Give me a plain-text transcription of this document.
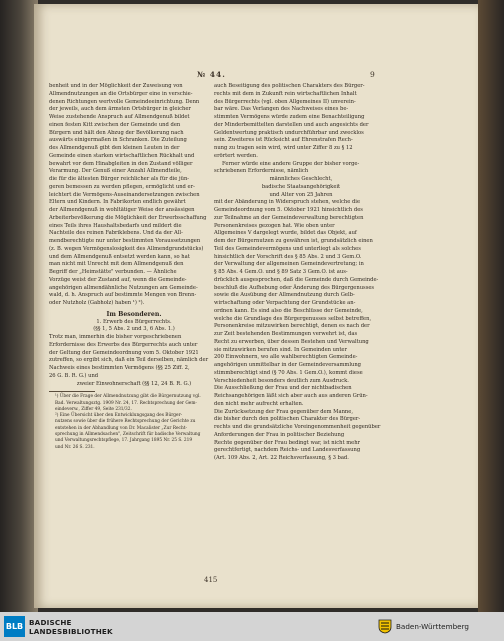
№ 44.	9

benheit und in der Möglichkeit der Zuweisung von

Allmendnutzungen an die Ortsbürger eine in verschie-

denen Richtungen wertvolle Gemeindeeinrichtung. Denn

der jeweils, auch dem ärmsten Ortsbürger in gleicher

Weise zustehende Anspruch auf Allmendgenuß bildet

einen festen Kitt zwischen der Gemeinde und den

Bürgern und hält den Abzug der Bevölkerung nach

auswärts einigermaßen in Schranken. Die Zuteilung

des Allmendgenuß gibt den kleinen Leuten in der

Gemeinde einen starken wirtschaftlichen Rückhalt und

bewahrt vor dem Hinabgleiten in den Zustand völliger

Verarmung. Der Genuß einer Anzahl Allmendteile,

die für die ältesten Bürger reichlicher als für die jün-

geren bemessen zu werden pflegen, ermöglicht und er-

leichtert die Vermögens-Auseinandersetzungen zwischen

Eltern und Kindern. In Fabrikorten endlich gewährt

der Allmendgenuß in wohltätiger Weise der ansässigen

Arbeiterbevölkerung die Möglichkeit der Erwerbsschaffung

eines Teils ihres Haushaltsbedarfs und mildert die

Nachteile des reinen Fabriklebens. Und da der All-

mendberechtigte nur unter bestimmten Voraussetzungen

(z. B. wegen Vermögenslosigkeit des Allmendgrundstücks)

und dem Allmendgenuß entsetzt werden kann, so hat

man nicht mit Unrecht mit dem Allmendgenuß den

Begriff der „Heimstätte" verbunden. — Ähnliche

Vorzüge weist der Zustand auf, wenn die Gemeinde-

angehörigen allmendähnliche Nutzungen am Gemeinde-

wald, d. h. Anspruch auf bestimmte Mengen von Brenn-

oder Nutzholz (Gabholz) haben ¹) ²).

Im Besonderen.

1. Erwerb des Bürgerrechts.

(§§ 1, 5 Abs. 2 und 3, 6 Abs. 1.)

Trotz man, immerhin die bisher vorgeschriebenen

Erfordernisse des Erwerbs des Bürgerrechts auch unter

der Geltung der Gemeindeordnung vom 5. Oktober 1921

zutreffen, so ergibt sich, daß ein Teil derselben, nämlich der

Nachweis eines bestimmten Vermögens (§§ 25 Ziff. 2,

26 G. B. R. G.) und

zweier Einwohnerschaft (§§ 12, 24 B. R. G.)

¹) Über die Frage der Allmendnutzung gibt die Bürgernutzung vgl.

Bad. Verwaltungsztg. 1909 Nr. 24, 17. Rechtsprechung der Gem-

eindeverw., Ziffer 49, Seite 231/32.

²) Eine Übersicht über den Entwicklungsgang des Bürger-

nutzens sowie über die frühere Rechtsprechung der Gerichte zu

entstehen in der Abhandlung von Dr. Macalister „Zur Recht-

sprechung in Allmendsachen", Zeitschrift für badische Verwaltung

und Verwaltungsrechtspflege, 17. Jahrgang 1895 Nr. 25 S. 219

und Nr. 26 S. 231.

auch Beseitigung des politischen Charakters des Bürger-

rechts mit dem in Zukunft rein wirtschaftlichen Inhalt

des Bürgerrechts (vgl. oben Allgemeines II) unverein-

bar wäre. Das Verlangen des Nachweises eines be-

stimmten Vermögens würde zudem eine Benachteiligung

der Minderbemittelten darstellen und auch angesichts der

Geldentwertung praktisch undurchführbar und zwecklos

sein. Zweiteres ist Rücksicht auf Ehrenstrafen Rech-

nung zu tragen sein wird, wird unter Ziffer 8 zu § 12

erörtert werden.

Ferner würde eine andere Gruppe der bisher vorge-

schriebenen Erfordernisse, nämlich

männliches Geschlecht,

badische Staatsangehörigkeit

und Alter von 25 Jahren

mit der Abänderung in Widerspruch stehen, welche die

Gemeindeordnung vom 5. Oktober 1921 hinsichtlich des

zur Teilnahme an der Gemeindeverwaltung berechtigten

Personenkreises gezogen hat. Wie oben unter

Allgemeines V dargelegt wurde, bildet das Objekt, auf

dem der Bürgernutzen zu gewähren ist, grundsätzlich einen

Teil des Gemeindevermögens und unterliegt als solches

hinsichtlich der Vorschrift des § 85 Abs. 2 und 3 Gem.O.

der Verwaltung der allgemeinen Gemeindevertretung; in

§ 85 Abs. 4 Gem.O. und § 89 Satz 3 Gem.O. ist aus-

drücklich ausgesprochen, daß die Gemeinde durch Gemeinde-

beschluß die Aufhebung oder Änderung des Bürgergenusses

sowie die Ausübung der Allmendnutzung durch Gelb-

wirtschaftung oder Verpachtung der Grundstücke an-

ordnen kann. Es sind also die Beschlüsse der Gemeinde,

welche die Grundlage des Bürgergenusses selbst betreffen,

Personenkreise mitzuwirken berechtigt, denen es nach der

zur Zeit bestehenden Bestimmungen verwehrt ist, das

Recht zu erwerben, über dessen Bestehen und Verwaltung

sie mitzuwirken berufen sind. In Gemeinden unter

200 Einwohnern, wo alle wahlberechtigten Gemeinde-

angehörigen unmittelbar in der Gemeindeversammlung

stimmberechtigt sind (§ 70 Abs. 1 Gem.O.), kommt diese

Verschiedenheit besonders deutlich zum Ausdruck.

Die Ausschließung der Frau und der nichtbadischen

Reichsangehörigen läßt sich aber auch aus anderen Grün-

den nicht mehr aufrecht erhalten.

Die Zurücksetzung der Frau gegenüber dem Manne,

die bisher durch den politischen Charakter des Bürger-

rechts und die grundsätzliche Voreingenommenheit gegenüber

Anforderungen der Frau in politischer Beziehung

Rechte gegenüber der Frau bedingt war, ist nicht mehr

gerechtfertigt, nachdem Reichs- und Landesverfassung

(Art. 109 Abs. 2, Art. 22 Reichsverfassung, § 3 bad.

415
BLB BADISCHE
LANDESBIBLIOTHEK
Baden-Württemberg
